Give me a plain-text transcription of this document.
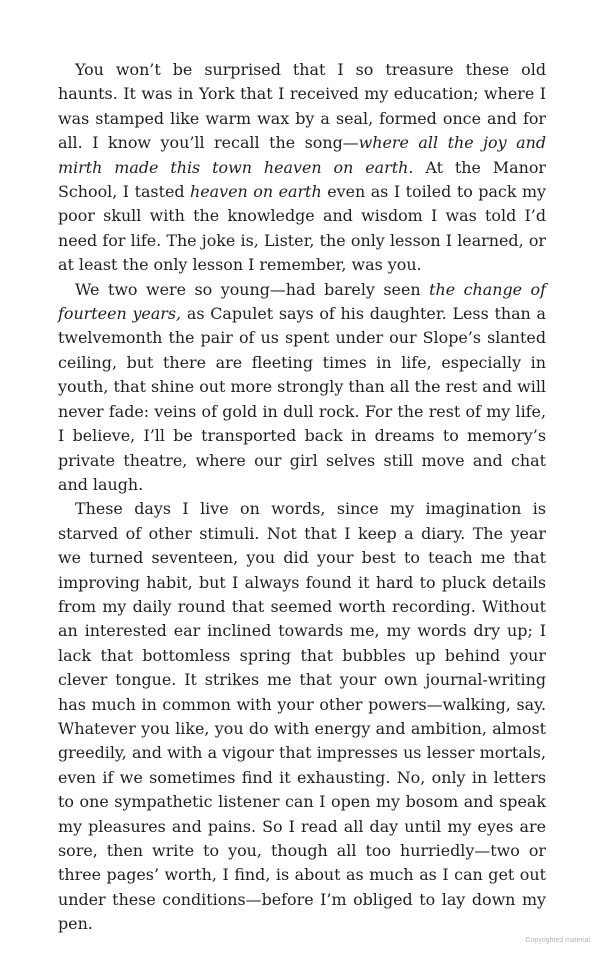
You won’t be surprised that I so treasure these old haunts. It was in York that I received my education; where I was stamped like warm wax by a seal, formed once and for all. I know you’ll recall the song—where all the joy and mirth made this town heaven on earth. At the Manor School, I tasted heaven on earth even as I toiled to pack my poor skull with the knowledge and wisdom I was told I’d need for life. The joke is, Lister, the only lesson I learned, or at least the only lesson I remember, was you.

We two were so young—had barely seen the change of fourteen years, as Capulet says of his daughter. Less than a twelvemonth the pair of us spent under our Slope’s slanted ceiling, but there are fleeting times in life, especially in youth, that shine out more strongly than all the rest and will never fade: veins of gold in dull rock. For the rest of my life, I believe, I’ll be transported back in dreams to memory’s private theatre, where our girl selves still move and chat and laugh.

These days I live on words, since my imagination is starved of other stimuli. Not that I keep a diary. The year we turned seventeen, you did your best to teach me that improving habit, but I always found it hard to pluck details from my daily round that seemed worth recording. Without an interested ear inclined towards me, my words dry up; I lack that bottomless spring that bubbles up behind your clever tongue. It strikes me that your own journal-writing has much in common with your other powers—walking, say. Whatever you like, you do with energy and ambition, almost greedily, and with a vigour that impresses us lesser mortals, even if we sometimes find it exhausting. No, only in letters to one sympathetic listener can I open my bosom and speak my pleasures and pains. So I read all day until my eyes are sore, then write to you, though all too hurriedly—two or three pages’ worth, I find, is about as much as I can get out under these conditions—before I’m obliged to lay down my pen.

Copyrighted material
